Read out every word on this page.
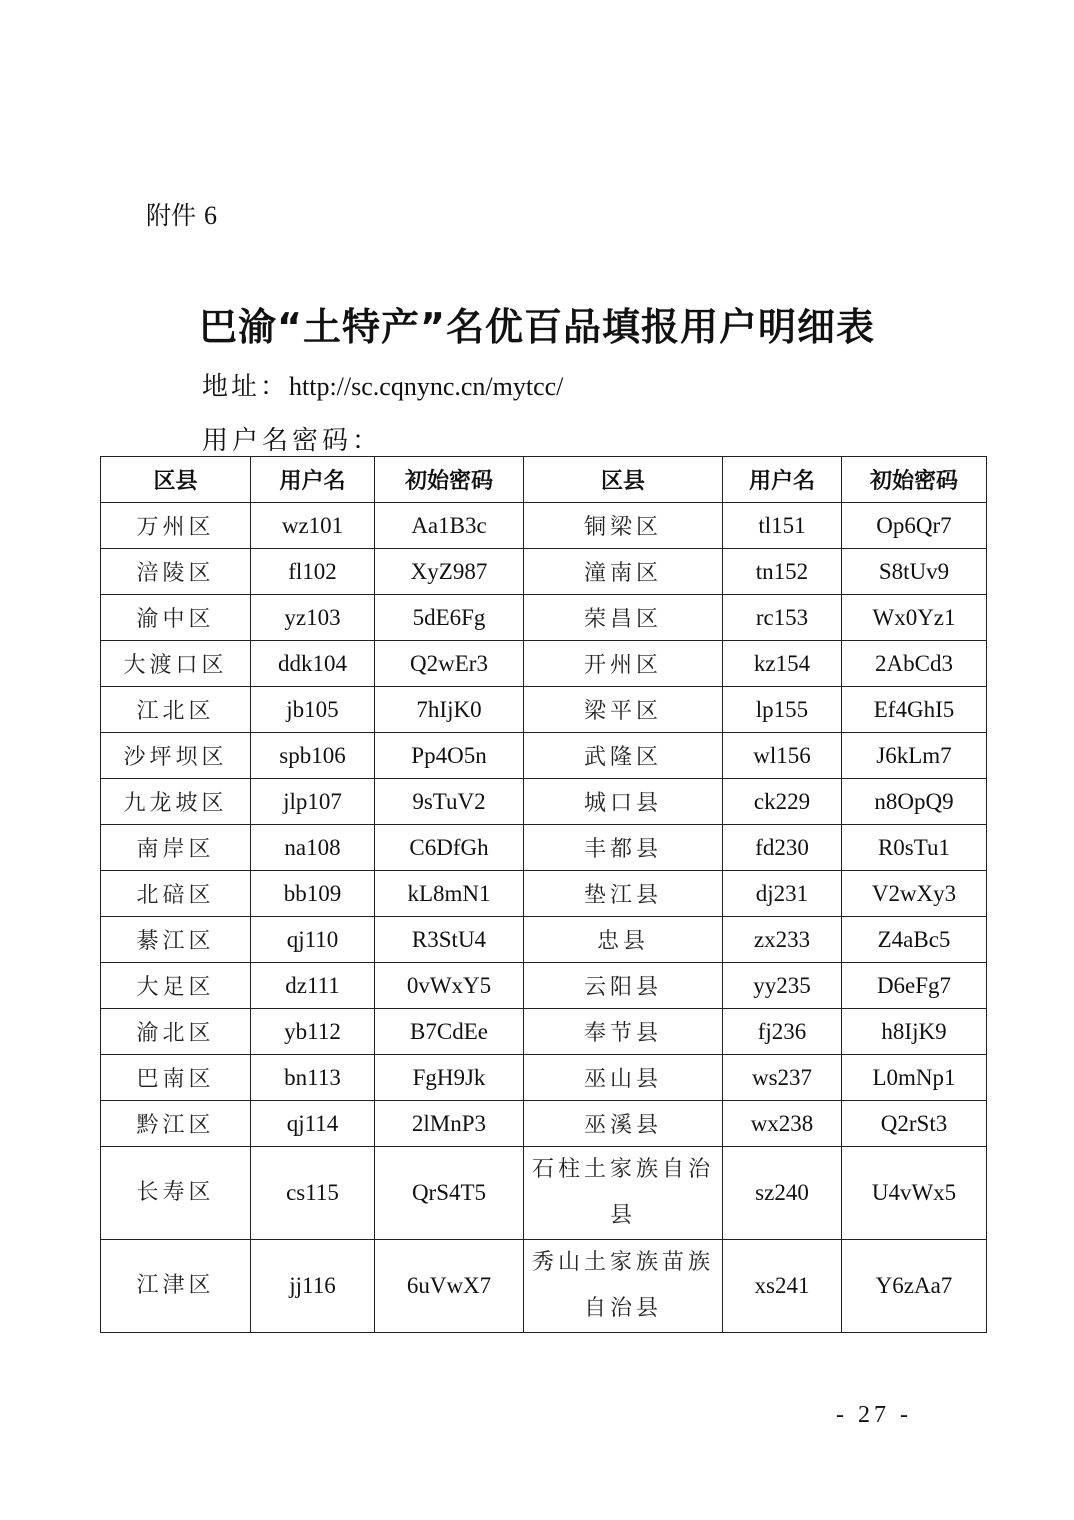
附件 6
巴渝“土特产”名优百品填报用户明细表
地址：http://sc.cqnync.cn/mytcc/
用户名密码：
区县	用户名	初始密码	区县	用户名	初始密码
万州区	wz101	Aa1B3c	铜梁区	tl151	Op6Qr7
涪陵区	fl102	XyZ987	潼南区	tn152	S8tUv9
渝中区	yz103	5dE6Fg	荣昌区	rc153	Wx0Yz1
大渡口区	ddk104	Q2wEr3	开州区	kz154	2AbCd3
江北区	jb105	7hIjK0	梁平区	lp155	Ef4GhI5
沙坪坝区	spb106	Pp4O5n	武隆区	wl156	J6kLm7
九龙坡区	jlp107	9sTuV2	城口县	ck229	n8OpQ9
南岸区	na108	C6DfGh	丰都县	fd230	R0sTu1
北碚区	bb109	kL8mN1	垫江县	dj231	V2wXy3
綦江区	qj110	R3StU4	忠县	zx233	Z4aBc5
大足区	dz111	0vWxY5	云阳县	yy235	D6eFg7
渝北区	yb112	B7CdEe	奉节县	fj236	h8IjK9
巴南区	bn113	FgH9Jk	巫山县	ws237	L0mNp1
黔江区	qj114	2lMnP3	巫溪县	wx238	Q2rSt3
长寿区	cs115	QrS4T5	石柱土家族自治县	sz240	U4vWx5
江津区	jj116	6uVwX7	秀山土家族苗族自治县	xs241	Y6zAa7
- 27 -
